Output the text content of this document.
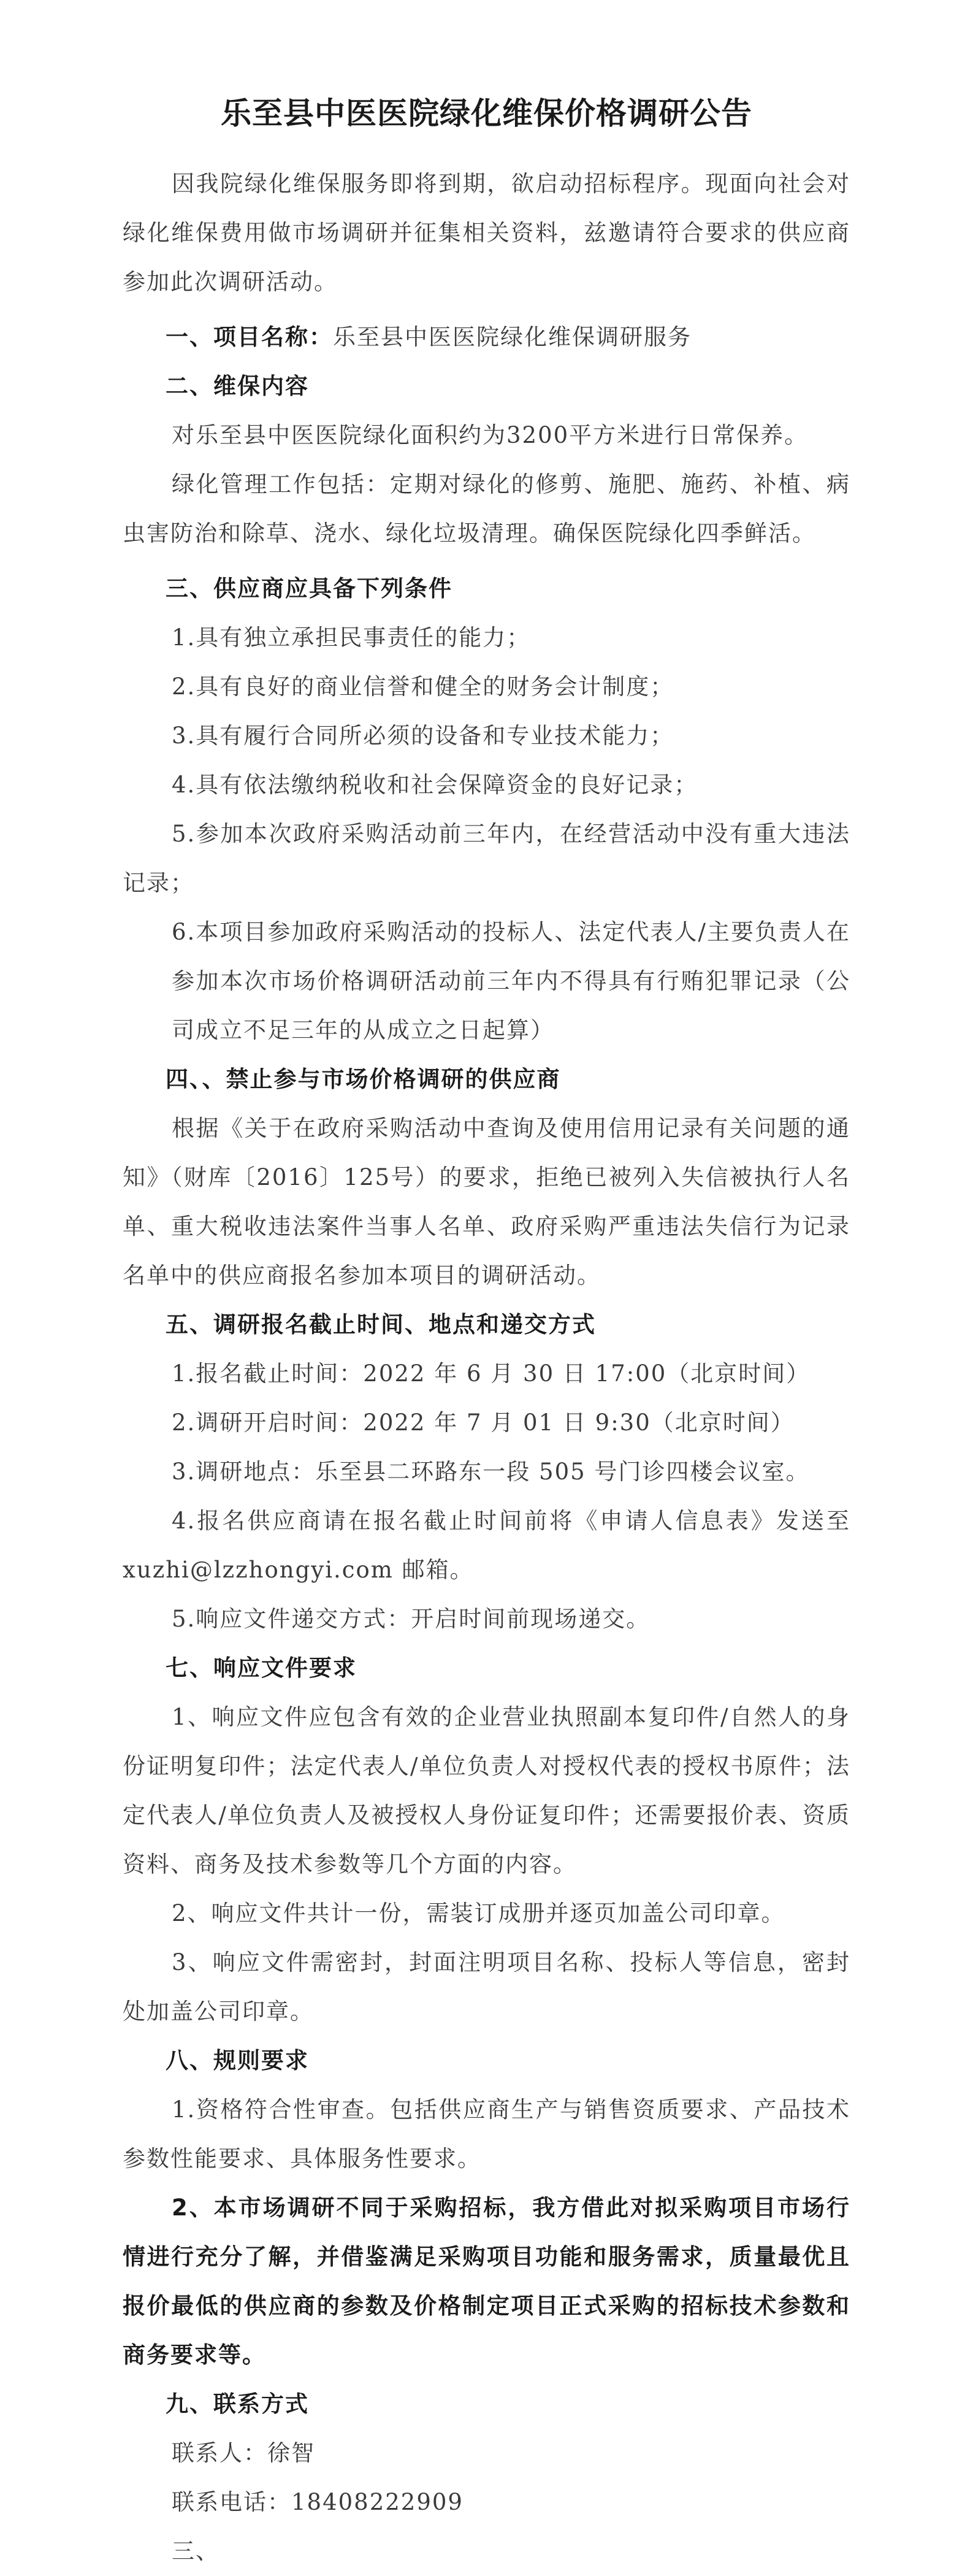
乐至县中医医院绿化维保价格调研公告

因我院绿化维保服务即将到期，欲启动招标程序。现面向社会对绿化维保费用做市场调研并征集相关资料，兹邀请符合要求的供应商参加此次调研活动。

一、项目名称：乐至县中医医院绿化维保调研服务
二、维保内容

对乐至县中医医院绿化面积约为3200平方米进行日常保养。

绿化管理工作包括：定期对绿化的修剪、施肥、施药、补植、病虫害防治和除草、浇水、绿化垃圾清理。确保医院绿化四季鲜活。

三、供应商应具备下列条件

1.具有独立承担民事责任的能力；

2.具有良好的商业信誉和健全的财务会计制度；

3.具有履行合同所必须的设备和专业技术能力；

4.具有依法缴纳税收和社会保障资金的良好记录；

5.参加本次政府采购活动前三年内，在经营活动中没有重大违法记录；

6.本项目参加政府采购活动的投标人、法定代表人/主要负责人在参加本次市场价格调研活动前三年内不得具有行贿犯罪记录（公司成立不足三年的从成立之日起算）

四、、禁止参与市场价格调研的供应商

根据《关于在政府采购活动中查询及使用信用记录有关问题的通知》（财库〔2016〕125号）的要求，拒绝已被列入失信被执行人名单、重大税收违法案件当事人名单、政府采购严重违法失信行为记录名单中的供应商报名参加本项目的调研活动。

五、调研报名截止时间、地点和递交方式

1.报名截止时间：2022 年 6 月 30 日 17:00（北京时间）

2.调研开启时间：2022 年 7 月 01 日 9:30（北京时间）

3.调研地点：乐至县二环路东一段 505 号门诊四楼会议室。

4.报名供应商请在报名截止时间前将《申请人信息表》发送至 xuzhi@lzzhongyi.com 邮箱。

5.响应文件递交方式：开启时间前现场递交。

七、响应文件要求

1、响应文件应包含有效的企业营业执照副本复印件/自然人的身份证明复印件；法定代表人/单位负责人对授权代表的授权书原件；法定代表人/单位负责人及被授权人身份证复印件；还需要报价表、资质资料、商务及技术参数等几个方面的内容。

2、响应文件共计一份，需装订成册并逐页加盖公司印章。

3、响应文件需密封，封面注明项目名称、投标人等信息，密封处加盖公司印章。

八、规则要求

1.资格符合性审查。包括供应商生产与销售资质要求、产品技术参数性能要求、具体服务性要求。

2、本市场调研不同于采购招标，我方借此对拟采购项目市场行情进行充分了解，并借鉴满足采购项目功能和服务需求，质量最优且报价最低的供应商的参数及价格制定项目正式采购的招标技术参数和商务要求等。

九、联系方式

联系人：徐智

联系电话：18408222909

三、
